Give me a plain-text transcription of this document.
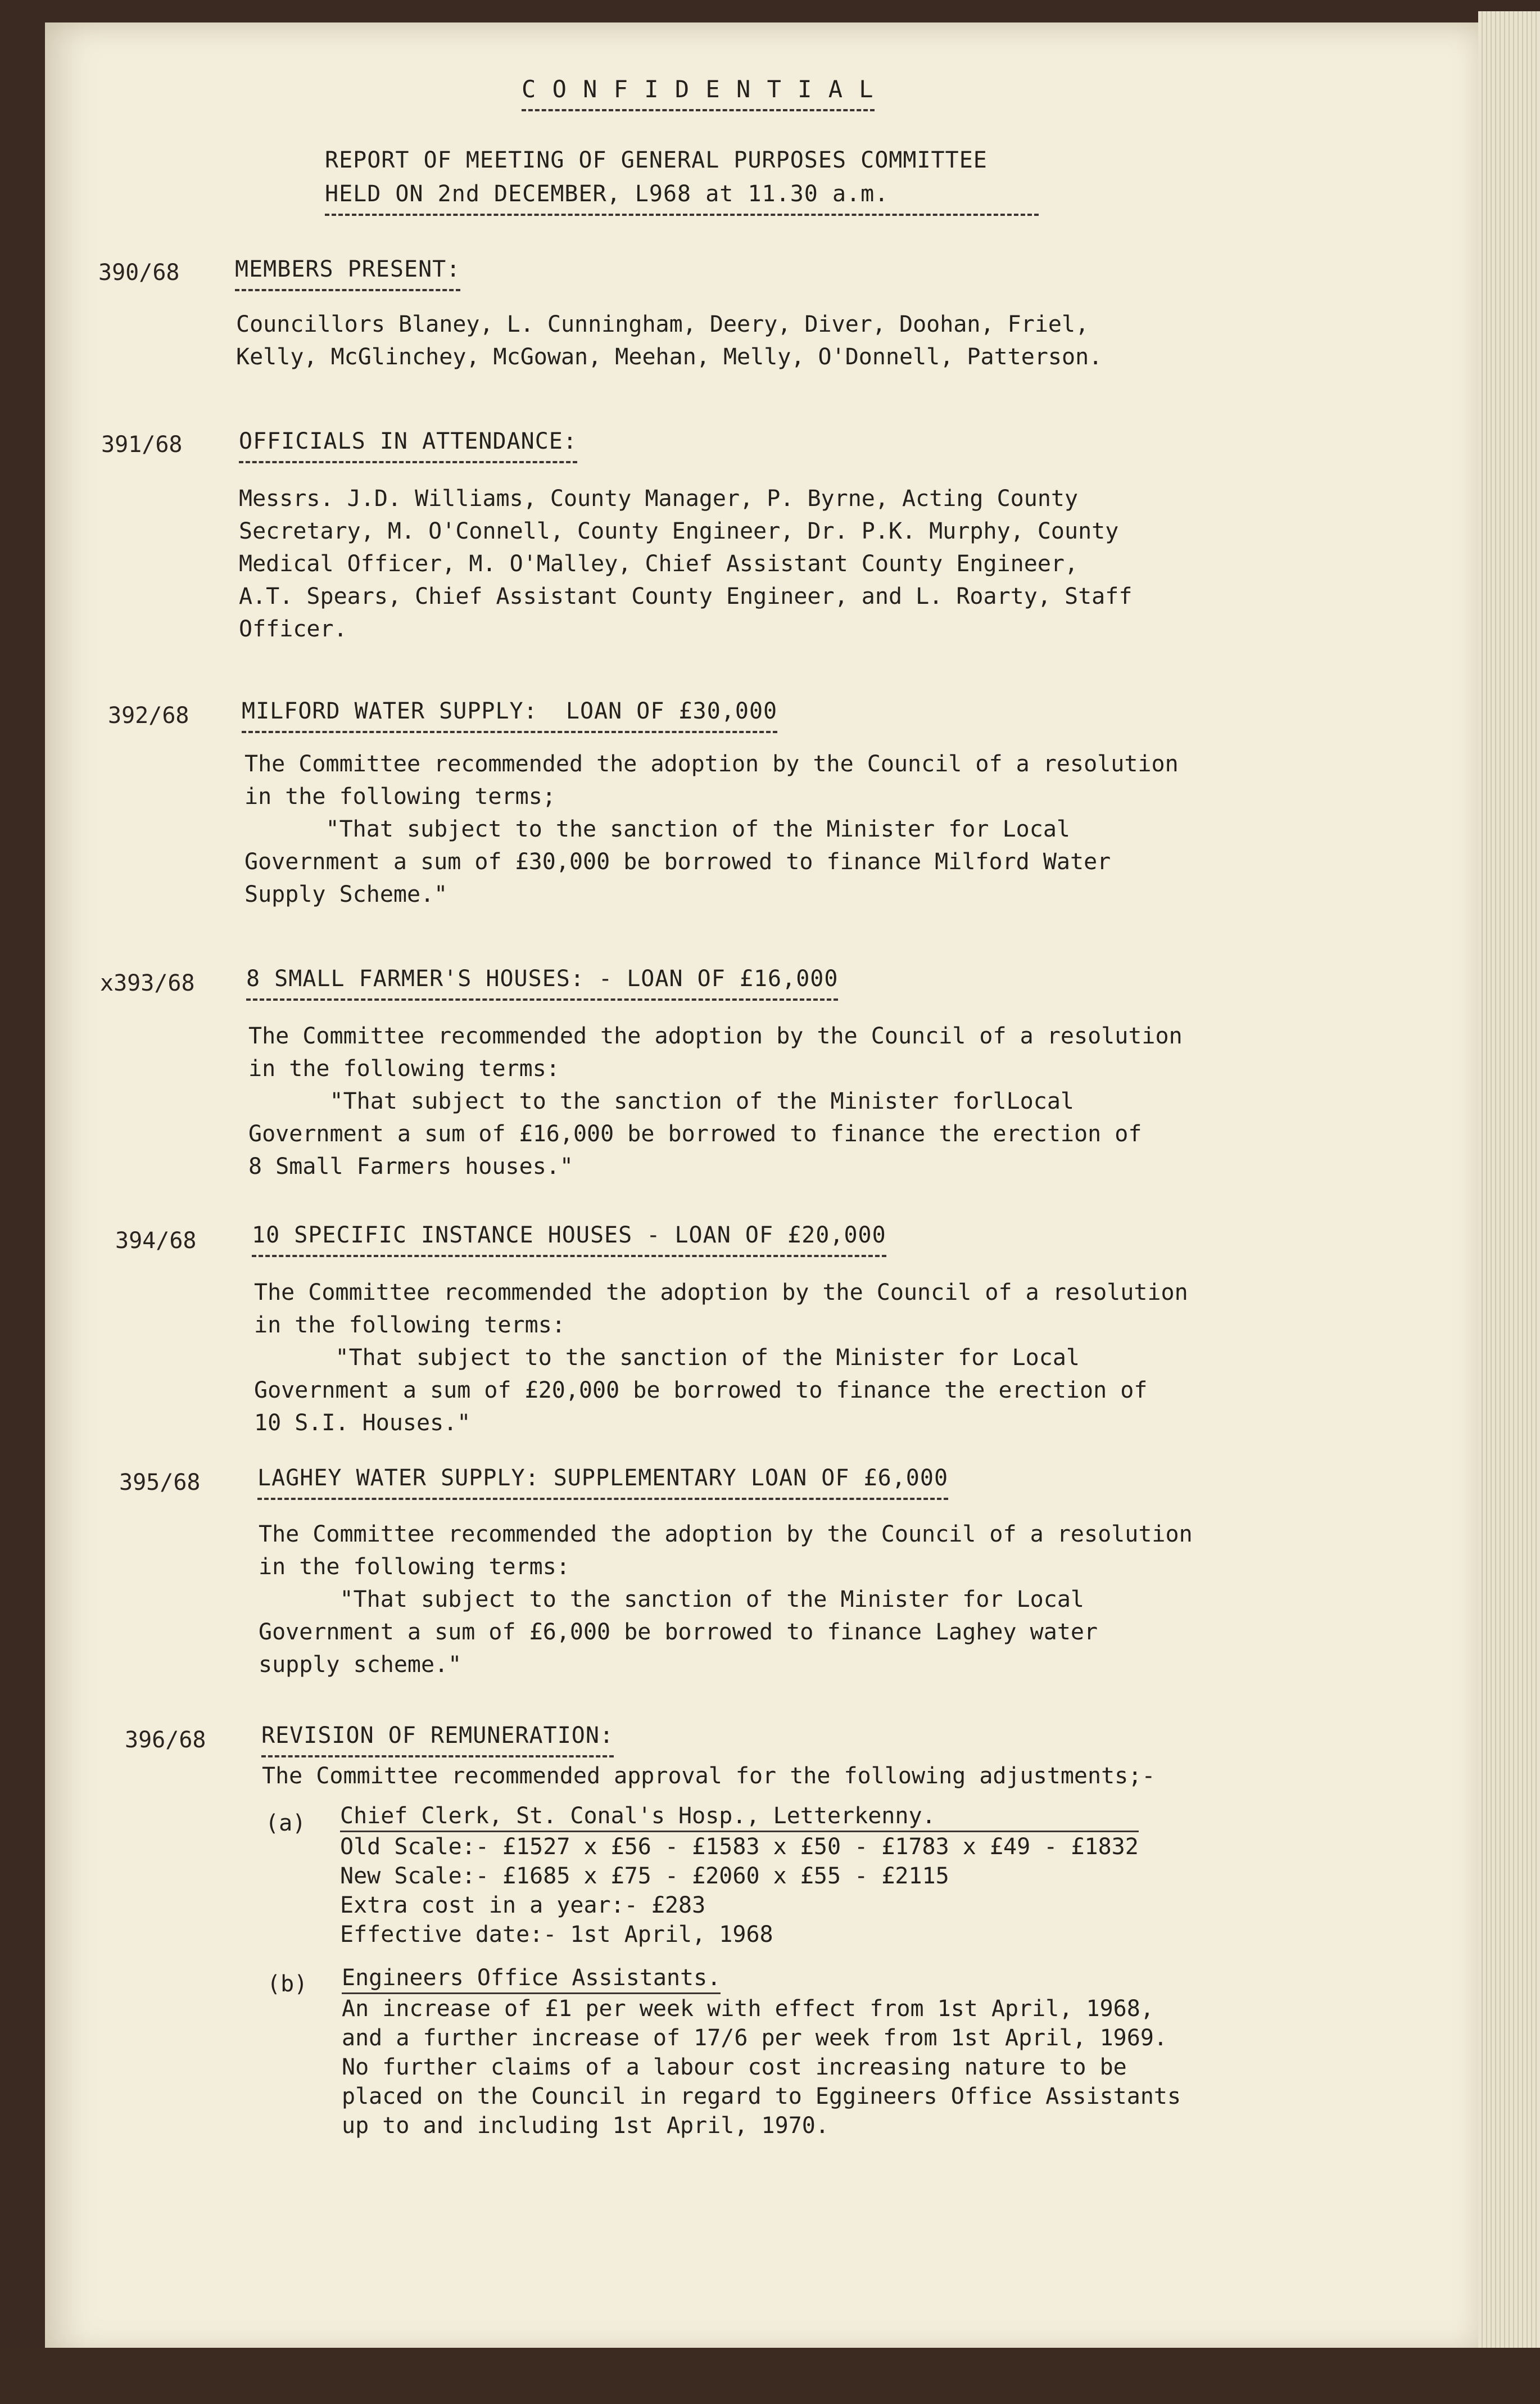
C O N F I D E N T I A L
REPORT OF MEETING OF GENERAL PURPOSES COMMITTEE
HELD ON 2nd DECEMBER, L968 at 11.30 a.m.
390/68 MEMBERS PRESENT:
Councillors Blaney, L. Cunningham, Deery, Diver, Doohan, Friel,
Kelly, McGlinchey, McGowan, Meehan, Melly, O'Donnell, Patterson.
391/68	OFFICIALS IN ATTENDANCE:
Messrs. J.D. Williams, County Manager, P. Byrne, Acting County
Secretary, M. O'Connell, County Engineer, Dr. P.K. Murphy, County
Medical Officer, M. O'Malley, Chief Assistant County Engineer,
A.T. Spears, Chief Assistant County Engineer, and L. Roarty, Staff
Officer.
392/68 MILFORD WATER SUPPLY:  LOAN OF £30,000
The Committee recommended the adoption by the Council of a resolution
in the following terms;
"That subject to the sanction of the Minister for Local
Government a sum of £30,000 be borrowed to finance Milford Water
Supply Scheme."
x393/68 8 SMALL FARMER'S HOUSES: - LOAN OF £16,000
The Committee recommended the adoption by the Council of a resolution
in the following terms:
"That subject to the sanction of the Minister forlLocal
Government a sum of £16,000 be borrowed to finance the erection of
8 Small Farmers houses."
394/68 10 SPECIFIC INSTANCE HOUSES - LOAN OF £20,000
The Committee recommended the adoption by the Council of a resolution
in the following terms:
"That subject to the sanction of the Minister for Local
Government a sum of £20,000 be borrowed to finance the erection of
10 S.I. Houses."
395/68	LAGHEY WATER SUPPLY: SUPPLEMENTARY LOAN OF £6,000
The Committee recommended the adoption by the Council of a resolution
in the following terms:
"That subject to the sanction of the Minister for Local
Government a sum of £6,000 be borrowed to finance Laghey water
supply scheme."
396/68 REVISION OF REMUNERATION:
The Committee recommended approval for the following adjustments;-
(a) Chief Clerk, St. Conal's Hosp., Letterkenny.
Old Scale:- £1527 x £56 - £1583 x £50 - £1783 x £49 - £1832
New Scale:- £1685 x £75 - £2060 x £55 - £2115
Extra cost in a year:- £283
Effective date:- 1st April, 1968
(b) Engineers Office Assistants.
An increase of £1 per week with effect from 1st April, 1968,
and a further increase of 17/6 per week from 1st April, 1969.
No further claims of a labour cost increasing nature to be
placed on the Council in regard to Eggineers Office Assistants
up to and including 1st April, 1970.
